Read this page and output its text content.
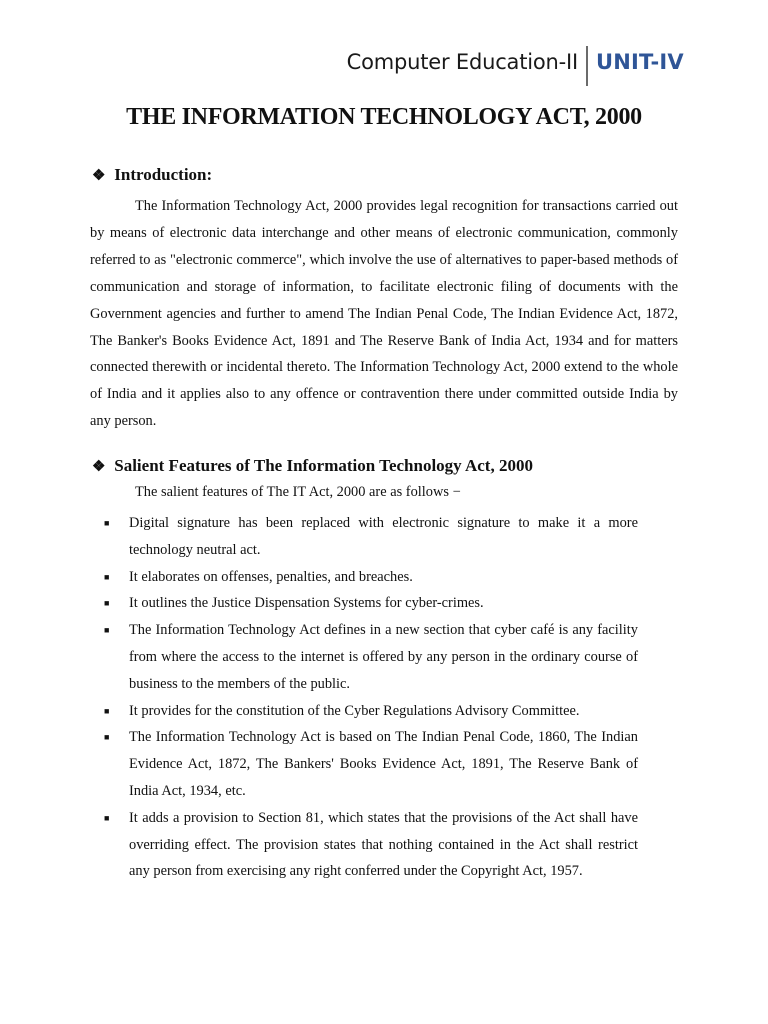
Computer Education-II UNIT-IV
THE INFORMATION TECHNOLOGY ACT, 2000
❖ Introduction:
The Information Technology Act, 2000 provides legal recognition for transactions carried out by means of electronic data interchange and other means of electronic communication, commonly referred to as "electronic commerce", which involve the use of alternatives to paper-based methods of communication and storage of information, to facilitate electronic filing of documents with the Government agencies and further to amend The Indian Penal Code, The Indian Evidence Act, 1872, The Banker's Books Evidence Act, 1891 and The Reserve Bank of India Act, 1934 and for matters connected therewith or incidental thereto. The Information Technology Act, 2000 extend to the whole of India and it applies also to any offence or contravention there under committed outside India by any person.
❖ Salient Features of The Information Technology Act, 2000
The salient features of The IT Act, 2000 are as follows −
■ Digital signature has been replaced with electronic signature to make it a more technology neutral act.
■ It elaborates on offenses, penalties, and breaches.
■ It outlines the Justice Dispensation Systems for cyber-crimes.
■ The Information Technology Act defines in a new section that cyber café is any facility from where the access to the internet is offered by any person in the ordinary course of business to the members of the public.
■ It provides for the constitution of the Cyber Regulations Advisory Committee.
■ The Information Technology Act is based on The Indian Penal Code, 1860, The Indian Evidence Act, 1872, The Bankers' Books Evidence Act, 1891, The Reserve Bank of India Act, 1934, etc.
■ It adds a provision to Section 81, which states that the provisions of the Act shall have overriding effect. The provision states that nothing contained in the Act shall restrict any person from exercising any right conferred under the Copyright Act, 1957.
